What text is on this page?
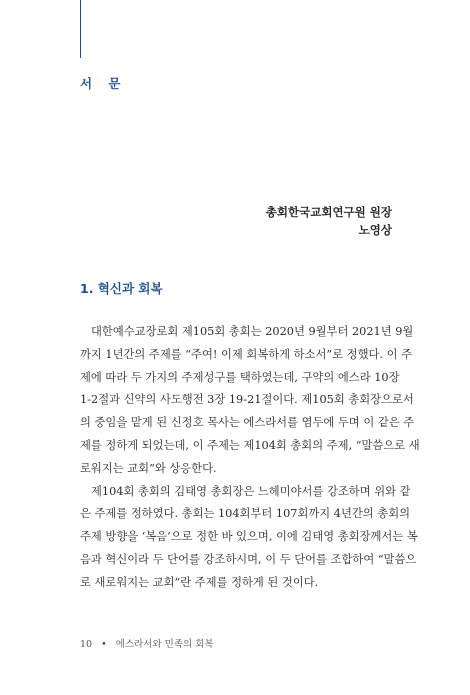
서 문
총회한국교회연구원 원장
노영상
1. 혁신과 회복
대한예수교장로회 제105회 총회는 2020년 9월부터 2021년 9월
까지 1년간의 주제를 “주여! 이제 회복하게 하소서”로 정했다. 이 주
제에 따라 두 가지의 주제성구를 택하였는데, 구약의 에스라 10장
1-2절과 신약의 사도행전 3장 19-21절이다. 제105회 총회장으로서
의 중임을 맡게 된 신정호 목사는 에스라서를 염두에 두며 이 같은 주
제를 정하게 되었는데, 이 주제는 제104회 총회의 주제, “말씀으로 새
로워지는 교회”와 상응한다.
제104회 총회의 김태영 총회장은 느헤미야서를 강조하며 위와 같
은 주제를 정하였다. 총회는 104회부터 107회까지 4년간의 총회의
주제 방향을 ‘복음’으로 정한 바 있으며, 이에 김태영 총회장께서는 복
음과 혁신이라 두 단어를 강조하시며, 이 두 단어를 조합하여 “말씀으
로 새로워지는 교회”란 주제를 정하게 된 것이다.
10 • 에스라서와 민족의 회복
